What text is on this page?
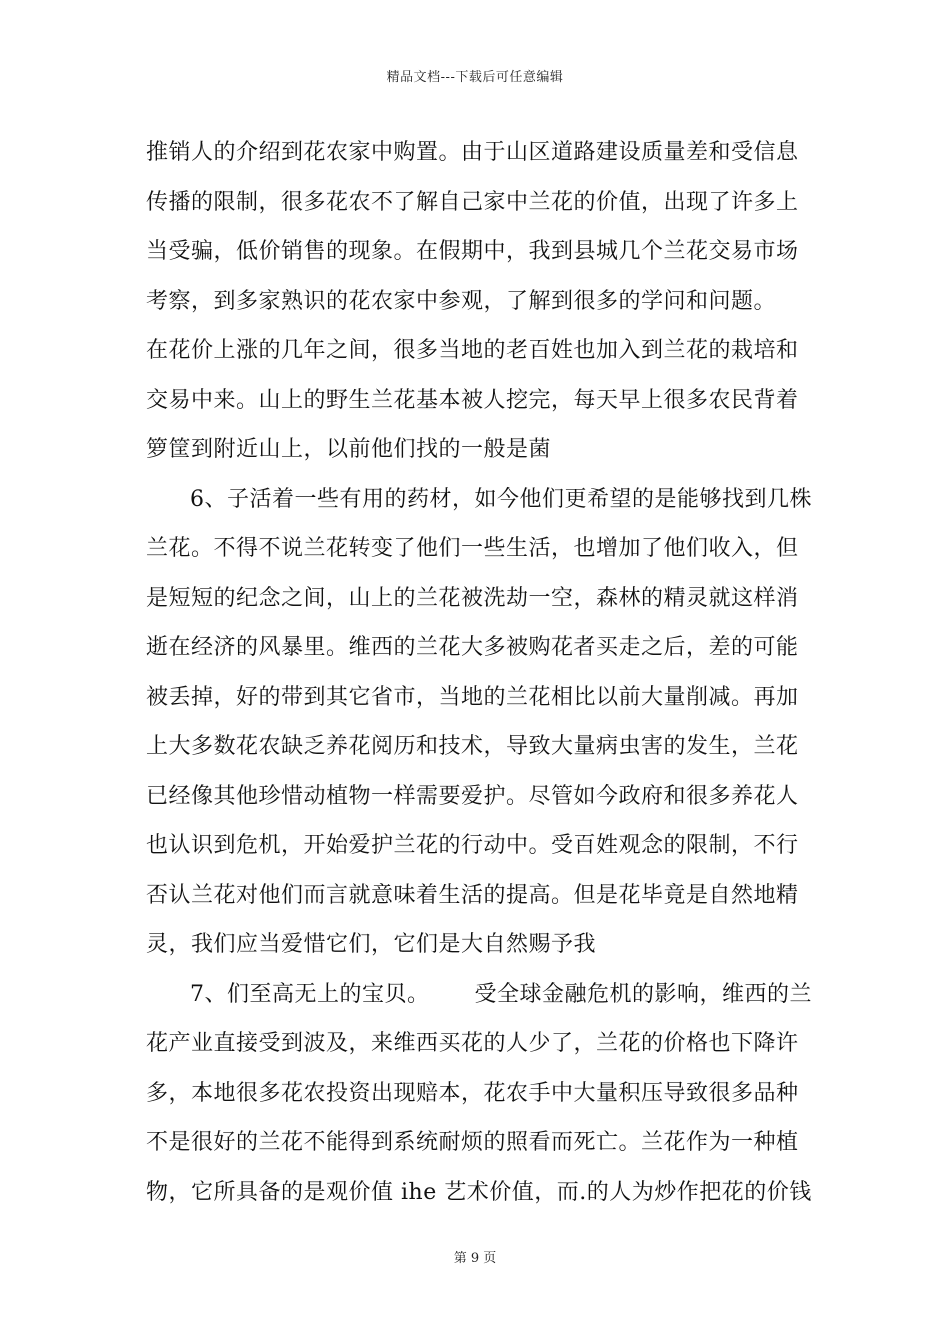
精品文档---下载后可任意编辑
推销人的介绍到花农家中购置。由于山区道路建设质量差和受信息
传播的限制，很多花农不了解自己家中兰花的价值，出现了许多上
当受骗，低价销售的现象。在假期中，我到县城几个兰花交易市场
考察，到多家熟识的花农家中参观，了解到很多的学问和问题。
在花价上涨的几年之间，很多当地的老百姓也加入到兰花的栽培和
交易中来。山上的野生兰花基本被人挖完，每天早上很多农民背着
箩筐到附近山上，以前他们找的一般是菌
6、子活着一些有用的药材，如今他们更希望的是能够找到几株
兰花。不得不说兰花转变了他们一些生活，也增加了他们收入，但
是短短的纪念之间，山上的兰花被洗劫一空，森林的精灵就这样消
逝在经济的风暴里。维西的兰花大多被购花者买走之后，差的可能
被丢掉，好的带到其它省市，当地的兰花相比以前大量削减。再加
上大多数花农缺乏养花阅历和技术，导致大量病虫害的发生，兰花
已经像其他珍惜动植物一样需要爱护。尽管如今政府和很多养花人
也认识到危机，开始爱护兰花的行动中。受百姓观念的限制，不行
否认兰花对他们而言就意味着生活的提高。但是花毕竟是自然地精
灵，我们应当爱惜它们，它们是大自然赐予我
7、们至高无上的宝贝。      受全球金融危机的影响，维西的兰
花产业直接受到波及，来维西买花的人少了，兰花的价格也下降许
多，本地很多花农投资出现赔本，花农手中大量积压导致很多品种
不是很好的兰花不能得到系统耐烦的照看而死亡。兰花作为一种植
物，它所具备的是观价值 ihe 艺术价值，而.的人为炒作把花的价钱
第 9 页
